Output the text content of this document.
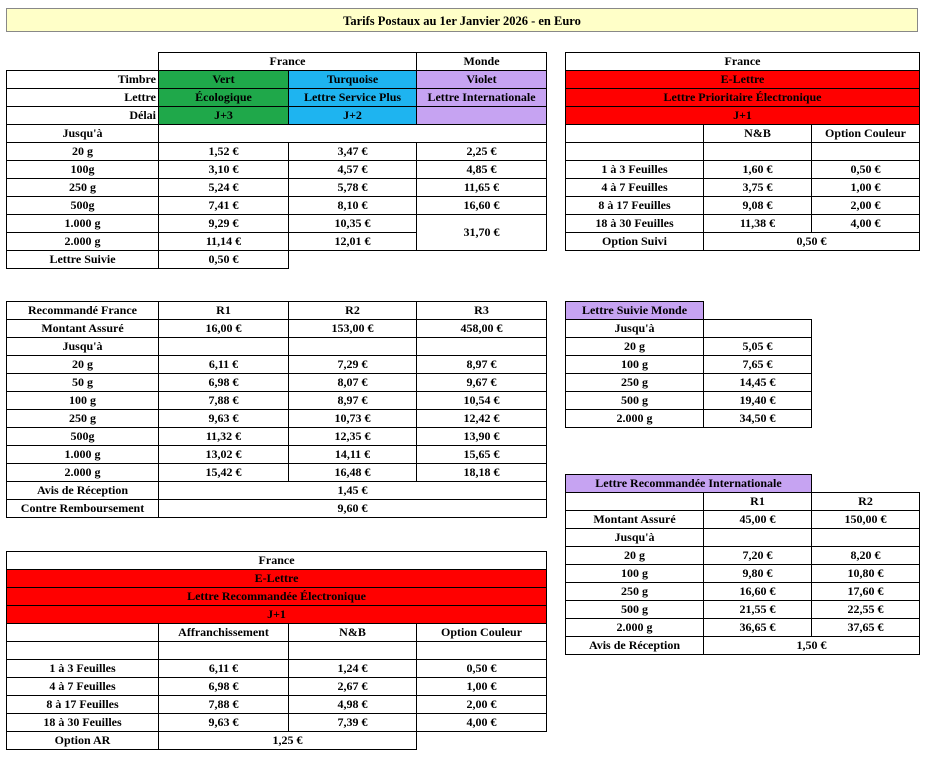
Tarifs Postaux au 1er Janvier 2026 - en Euro
	France		Monde
Timbre	Vert	Turquoise	Violet
Lettre	Écologique	Lettre Service Plus	Lettre Internationale
Délai	J+3	J+2	
Jusqu'à			
20 g	1,52 €	3,47 €	2,25 €
100g	3,10 €	4,57 €	4,85 €
250 g	5,24 €	5,78 €	11,65 €
500g	7,41 €	8,10 €	16,60 €
1.000 g	9,29 €	10,35 €	31,70 €
2.000 g	11,14 €	12,01 €	
Lettre Suivie	0,50 €		
France		
E-Lettre		
Lettre Prioritaire Électronique		
J+1		
	N&B	Option Couleur

1 à 3 Feuilles	1,60 €	0,50 €
4 à 7 Feuilles	3,75 €	1,00 €
8 à 17 Feuilles	9,08 €	2,00 €
18 à 30 Feuilles	11,38 €	4,00 €
Option Suivi	0,50 €	
Recommandé France	R1	R2	R3
Montant Assuré	16,00 €	153,00 €	458,00 €
Jusqu'à			
20 g	6,11 €	7,29 €	8,97 €
50 g	6,98 €	8,07 €	9,67 €
100 g	7,88 €	8,97 €	10,54 €
250 g	9,63 €	10,73 €	12,42 €
500g	11,32 €	12,35 €	13,90 €
1.000 g	13,02 €	14,11 €	15,65 €
2.000 g	15,42 €	16,48 €	18,18 €
Avis de Réception	1,45 €		
Contre Remboursement	9,60 €		
Lettre Suivie Monde	
Jusqu'à	
20 g	5,05 €
100 g	7,65 €
250 g	14,45 €
500 g	19,40 €
2.000 g	34,50 €
Lettre Recommandée Internationale		
	R1	R2
Montant Assuré	45,00 €	150,00 €
Jusqu'à		
20 g	7,20 €	8,20 €
100 g	9,80 €	10,80 €
250 g	16,60 €	17,60 €
500 g	21,55 €	22,55 €
2.000 g	36,65 €	37,65 €
Avis de Réception	1,50 €	
France			
E-Lettre			
Lettre Recommandée Électronique			
J+1			
	Affranchissement	N&B	Option Couleur

1 à 3 Feuilles	6,11 €	1,24 €	0,50 €
4 à 7 Feuilles	6,98 €	2,67 €	1,00 €
8 à 17 Feuilles	7,88 €	4,98 €	2,00 €
18 à 30 Feuilles	9,63 €	7,39 €	4,00 €
Option AR	1,25 €		
